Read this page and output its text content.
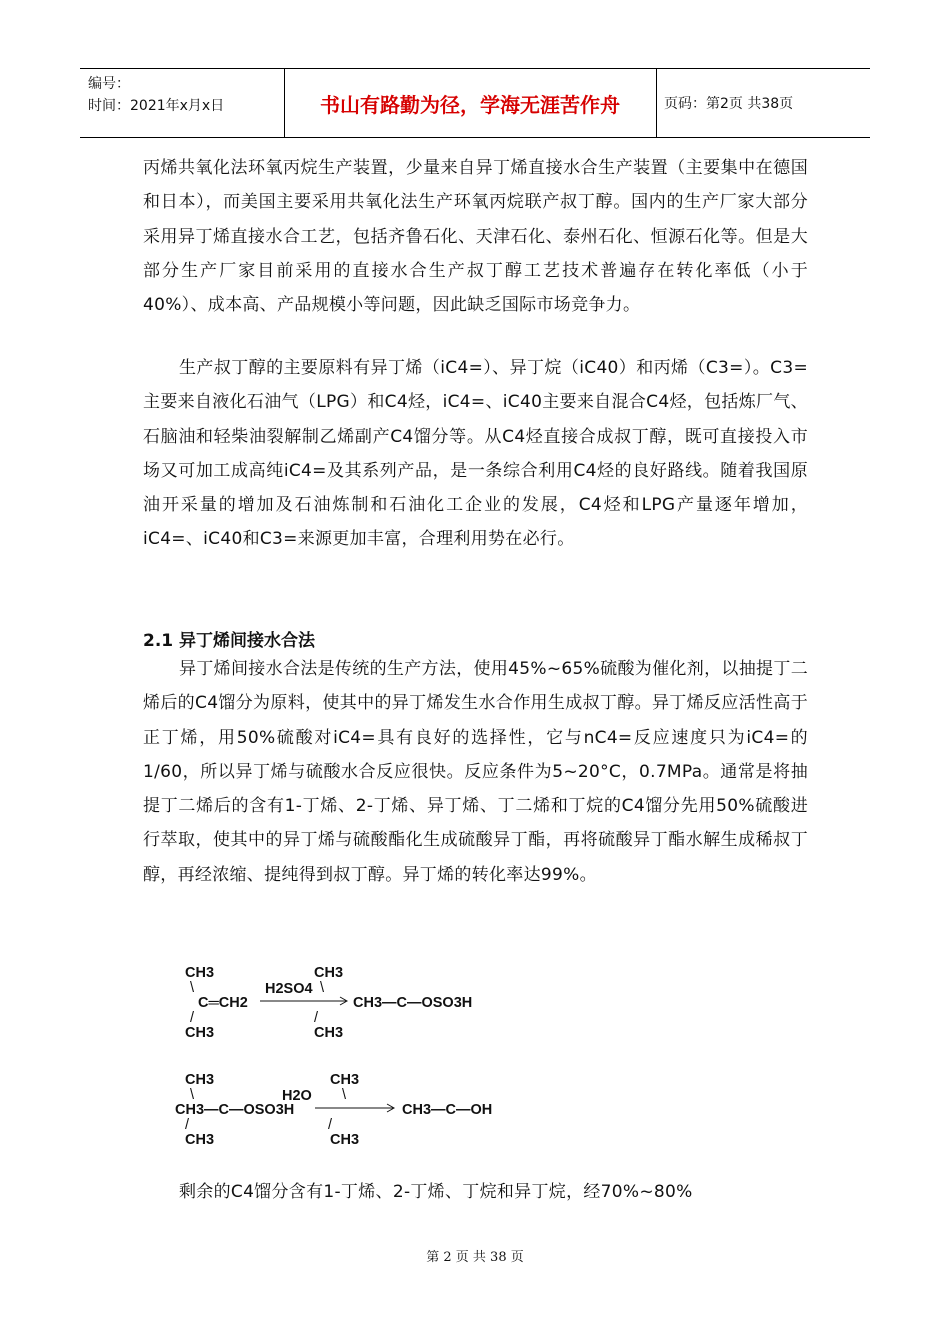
编号：
时间：2021年x月x日	书山有路勤为径，学海无涯苦作舟	页码：第2页 共38页

丙烯共氧化法环氧丙烷生产装置，少量来自异丁烯直接水合生产装置（主要集中在德国和日本），而美国主要采用共氧化法生产环氧丙烷联产叔丁醇。国内的生产厂家大部分采用异丁烯直接水合工艺，包括齐鲁石化、天津石化、泰州石化、恒源石化等。但是大部分生产厂家目前采用的直接水合生产叔丁醇工艺技术普遍存在转化率低（小于40%）、成本高、产品规模小等问题，因此缺乏国际市场竞争力。

生产叔丁醇的主要原料有异丁烯（iC4=）、异丁烷（iC40）和丙烯（C3=）。C3=主要来自液化石油气（LPG）和C4烃，iC4=、iC40主要来自混合C4烃，包括炼厂气、石脑油和轻柴油裂解制乙烯副产C4馏分等。从C4烃直接合成叔丁醇，既可直接投入市场又可加工成高纯iC4=及其系列产品，是一条综合利用C4烃的良好路线。随着我国原油开采量的增加及石油炼制和石油化工企业的发展，C4烃和LPG产量逐年增加，iC4=、iC40和C3=来源更加丰富，合理利用势在必行。

2.1 异丁烯间接水合法

异丁烯间接水合法是传统的生产方法，使用45%~65%硫酸为催化剂，以抽提丁二烯后的C4馏分为原料，使其中的异丁烯发生水合作用生成叔丁醇。异丁烯反应活性高于正丁烯，用50%硫酸对iC4=具有良好的选择性，它与nC4=反应速度只为iC4=的1/60，所以异丁烯与硫酸水合反应很快。反应条件为5~20°C，0.7MPa。通常是将抽提丁二烯后的含有1-丁烯、2-丁烯、异丁烯、丁二烯和丁烷的C4馏分先用50%硫酸进行萃取，使其中的异丁烯与硫酸酯化生成硫酸异丁酯，再将硫酸异丁酯水解生成稀叔丁醇，再经浓缩、提纯得到叔丁醇。异丁烯的转化率达99%。

CH3
\
C═CH2
/
CH3
H2SO4
CH3
\
CH3—C—OSO3H
/
CH3
CH3
\
CH3—C—OSO3H
/
CH3
H2O
CH3
\
CH3—C—OH
/
CH3

剩余的C4馏分含有1-丁烯、2-丁烯、丁烷和异丁烷，经70%~80%

第 2 页 共 38 页
